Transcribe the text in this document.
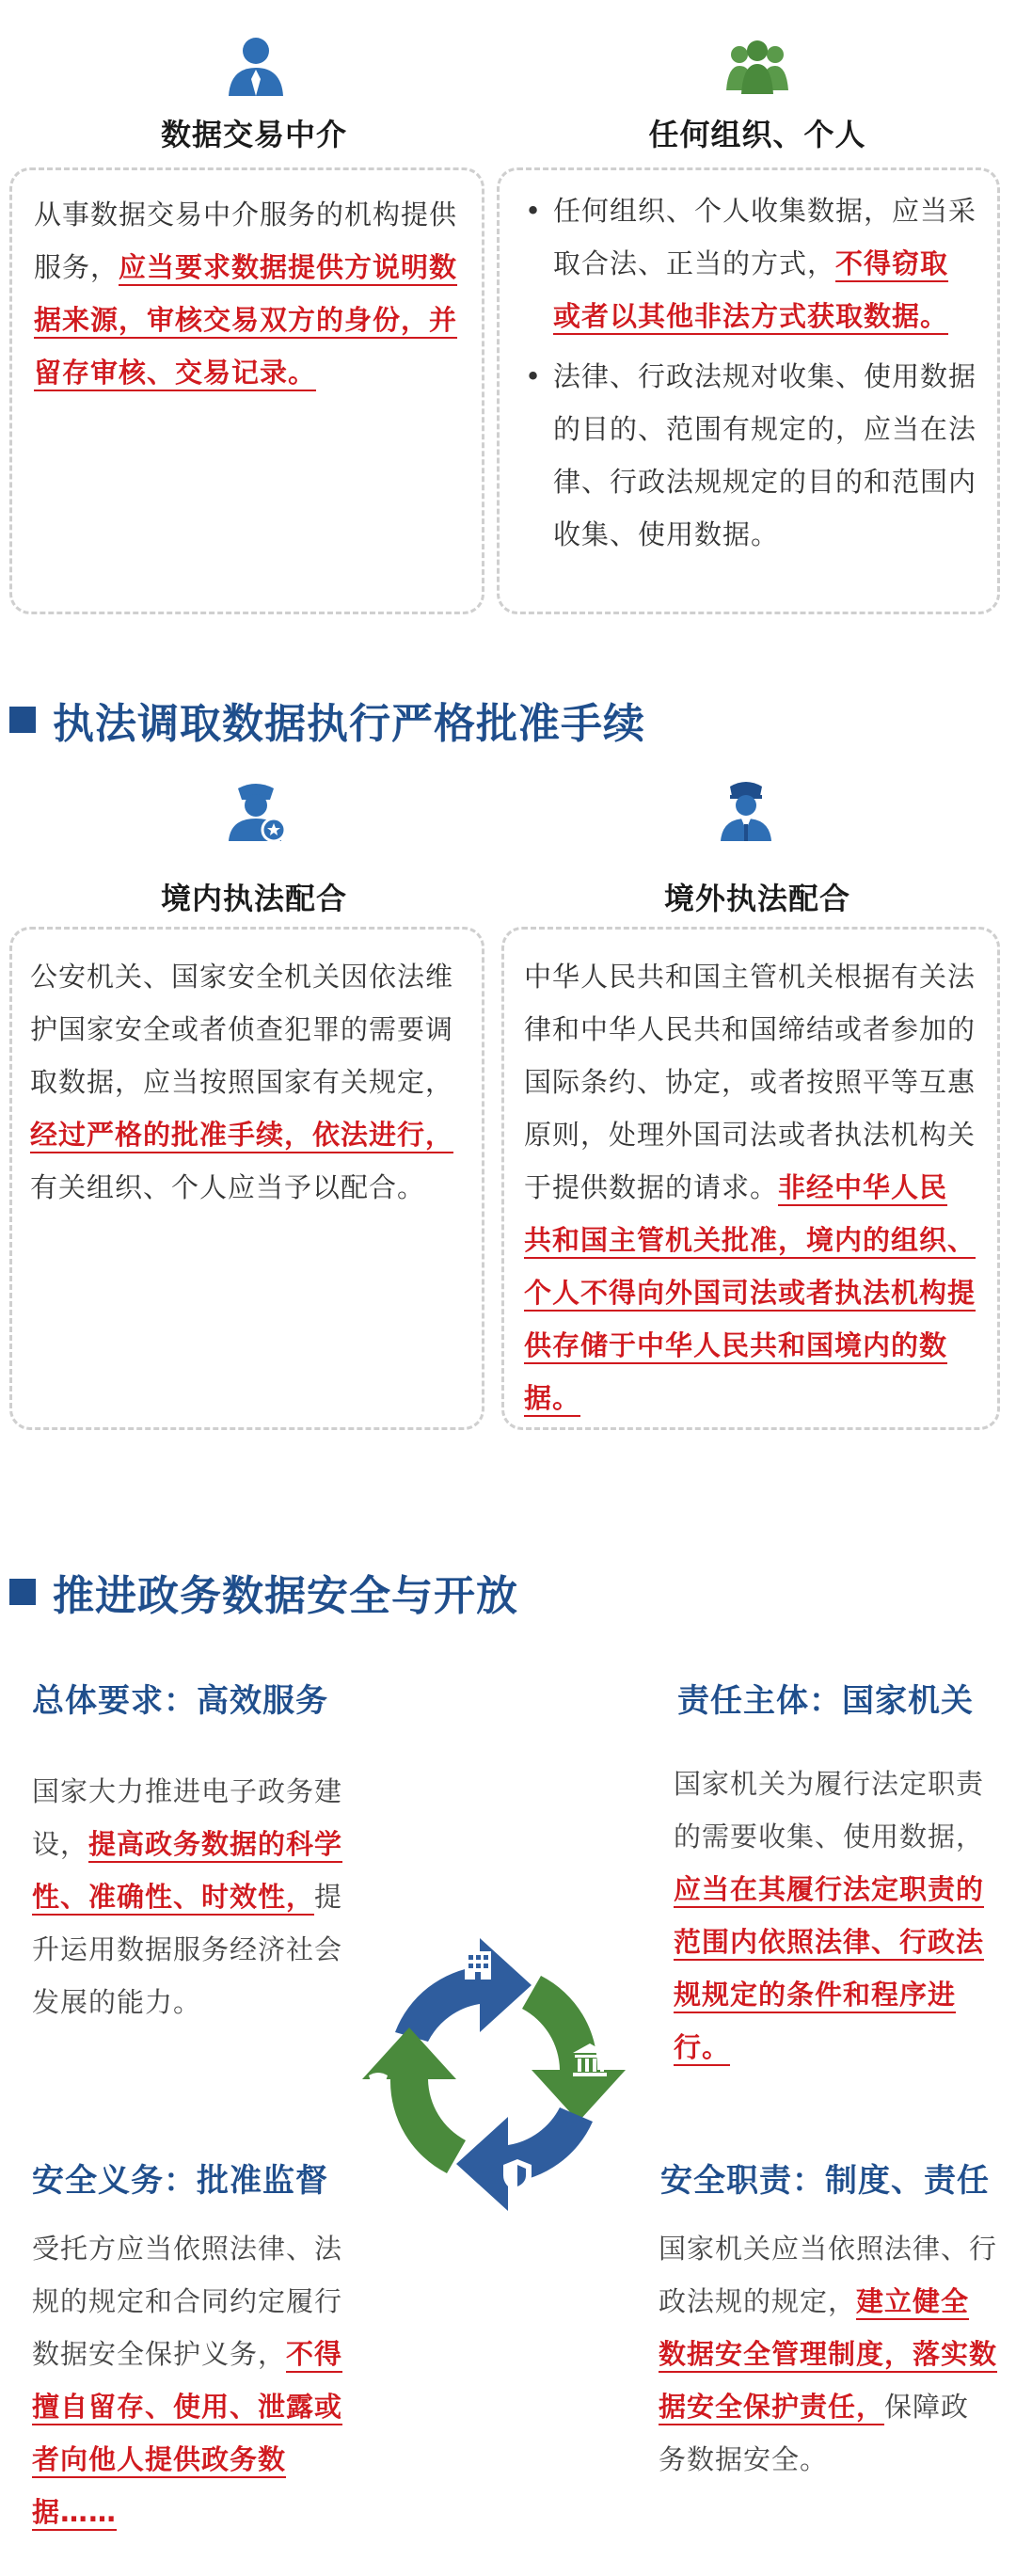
数据交易中介	任何组织、个人
从事数据交易中介服务的机构提供服务，应当要求数据提供方说明数据来源，审核交易双方的身份，并留存审核、交易记录。
• 任何组织、个人收集数据，应当采取合法、正当的方式，不得窃取或者以其他非法方式获取数据。
• 法律、行政法规对收集、使用数据的目的、范围有规定的，应当在法律、行政法规规定的目的和范围内收集、使用数据。
执法调取数据执行严格批准手续
境内执法配合	境外执法配合
公安机关、国家安全机关因依法维护国家安全或者侦查犯罪的需要调取数据，应当按照国家有关规定，经过严格的批准手续，依法进行，有关组织、个人应当予以配合。
中华人民共和国主管机关根据有关法律和中华人民共和国缔结或者参加的国际条约、协定，或者按照平等互惠原则，处理外国司法或者执法机构关于提供数据的请求。非经中华人民共和国主管机关批准，境内的组织、个人不得向外国司法或者执法机构提供存储于中华人民共和国境内的数据。
推进政务数据安全与开放
总体要求：高效服务
国家大力推进电子政务建设，提高政务数据的科学性、准确性、时效性，提升运用数据服务经济社会发展的能力。
责任主体：国家机关
国家机关为履行法定职责的需要收集、使用数据，应当在其履行法定职责的范围内依照法律、行政法规规定的条件和程序进行。
安全义务：批准监督
受托方应当依照法律、法规的规定和合同约定履行数据安全保护义务，不得擅自留存、使用、泄露或者向他人提供政务数据……
安全职责：制度、责任
国家机关应当依照法律、行政法规的规定，建立健全数据安全管理制度，落实数据安全保护责任，保障政务数据安全。
